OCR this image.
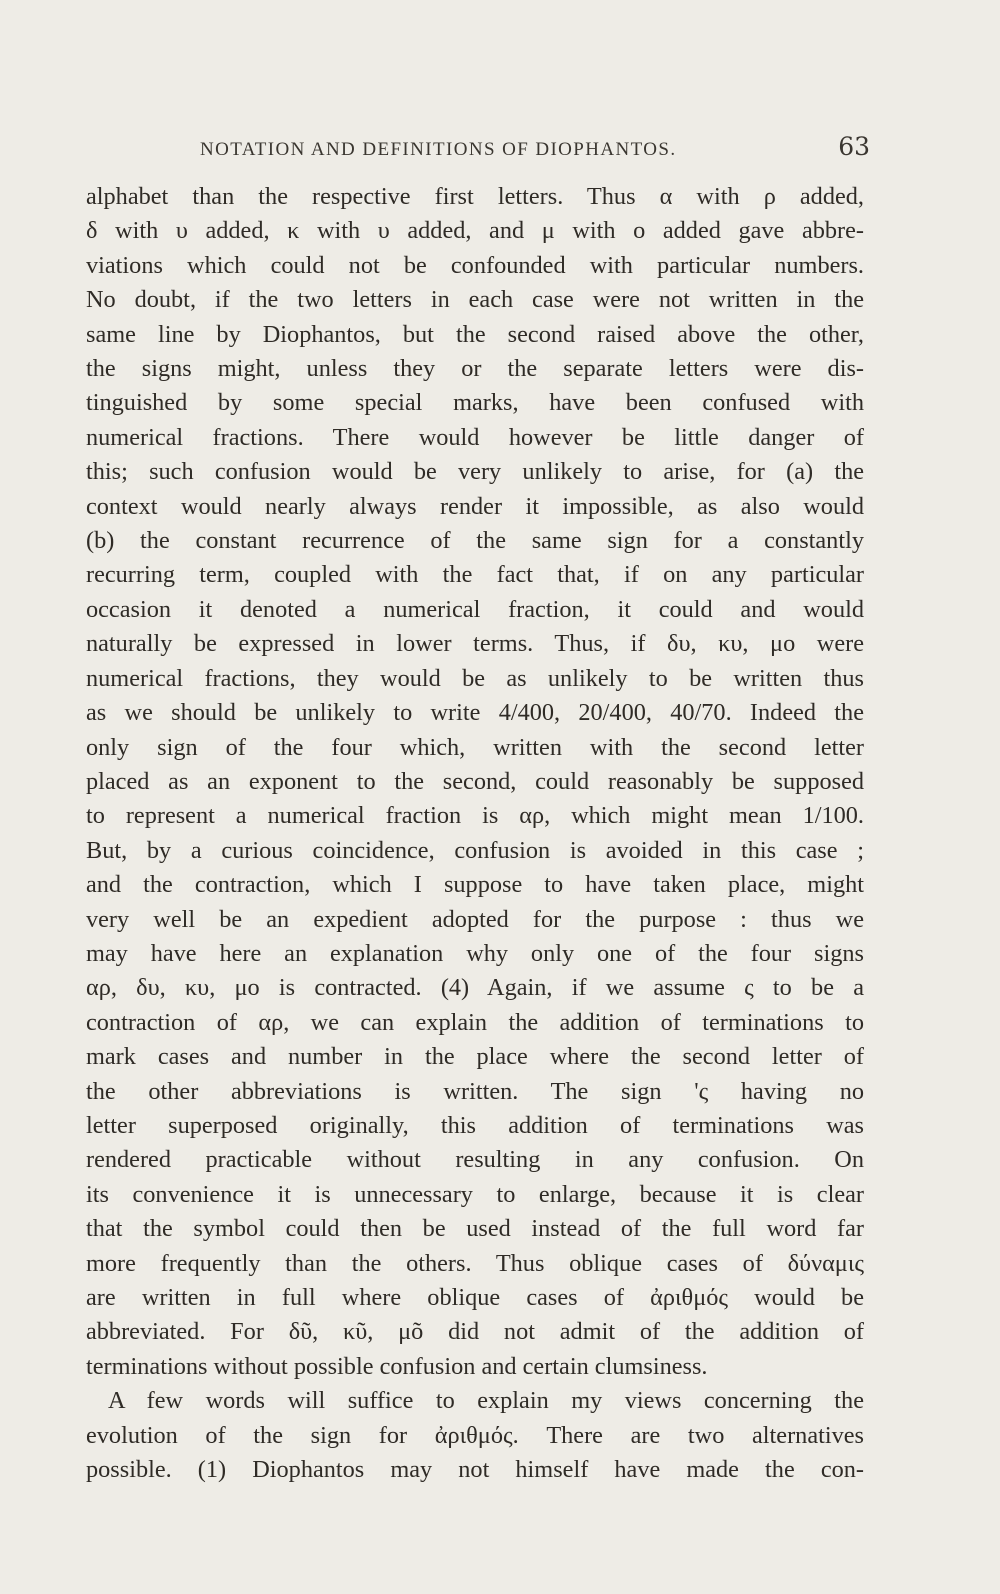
NOTATION AND DEFINITIONS OF DIOPHANTOS.	63
alphabet than the respective first letters. Thus α with ρ added,
δ with υ added, κ with υ added, and μ with ο added gave abbre-
viations which could not be confounded with particular numbers.
No doubt, if the two letters in each case were not written in the
same line by Diophantos, but the second raised above the other,
the signs might, unless they or the separate letters were dis-
tinguished by some special marks, have been confused with
numerical fractions. There would however be little danger of
this; such confusion would be very unlikely to arise, for (a) the
context would nearly always render it impossible, as also would
(b) the constant recurrence of the same sign for a constantly
recurring term, coupled with the fact that, if on any particular
occasion it denoted a numerical fraction, it could and would
naturally be expressed in lower terms. Thus, if δυ, κυ, μο were
numerical fractions, they would be as unlikely to be written thus
as we should be unlikely to write 4/400, 20/400, 40/70. Indeed the
only sign of the four which, written with the second letter
placed as an exponent to the second, could reasonably be supposed
to represent a numerical fraction is αρ, which might mean 1/100.
But, by a curious coincidence, confusion is avoided in this case ;
and the contraction, which I suppose to have taken place, might
very well be an expedient adopted for the purpose : thus we
may have here an explanation why only one of the four signs
αρ, δυ, κυ, μο is contracted. (4) Again, if we assume ς to be a
contraction of αρ, we can explain the addition of terminations to
mark cases and number in the place where the second letter of
the other abbreviations is written. The sign 'ς having no
letter superposed originally, this addition of terminations was
rendered practicable without resulting in any confusion. On
its convenience it is unnecessary to enlarge, because it is clear
that the symbol could then be used instead of the full word far
more frequently than the others. Thus oblique cases of δύναμις
are written in full where oblique cases of ἀριθμός would be
abbreviated. For δῦ, κῦ, μõ did not admit of the addition of
terminations without possible confusion and certain clumsiness.
A few words will suffice to explain my views concerning the
evolution of the sign for ἀριθμός. There are two alternatives
possible. (1) Diophantos may not himself have made the con-
